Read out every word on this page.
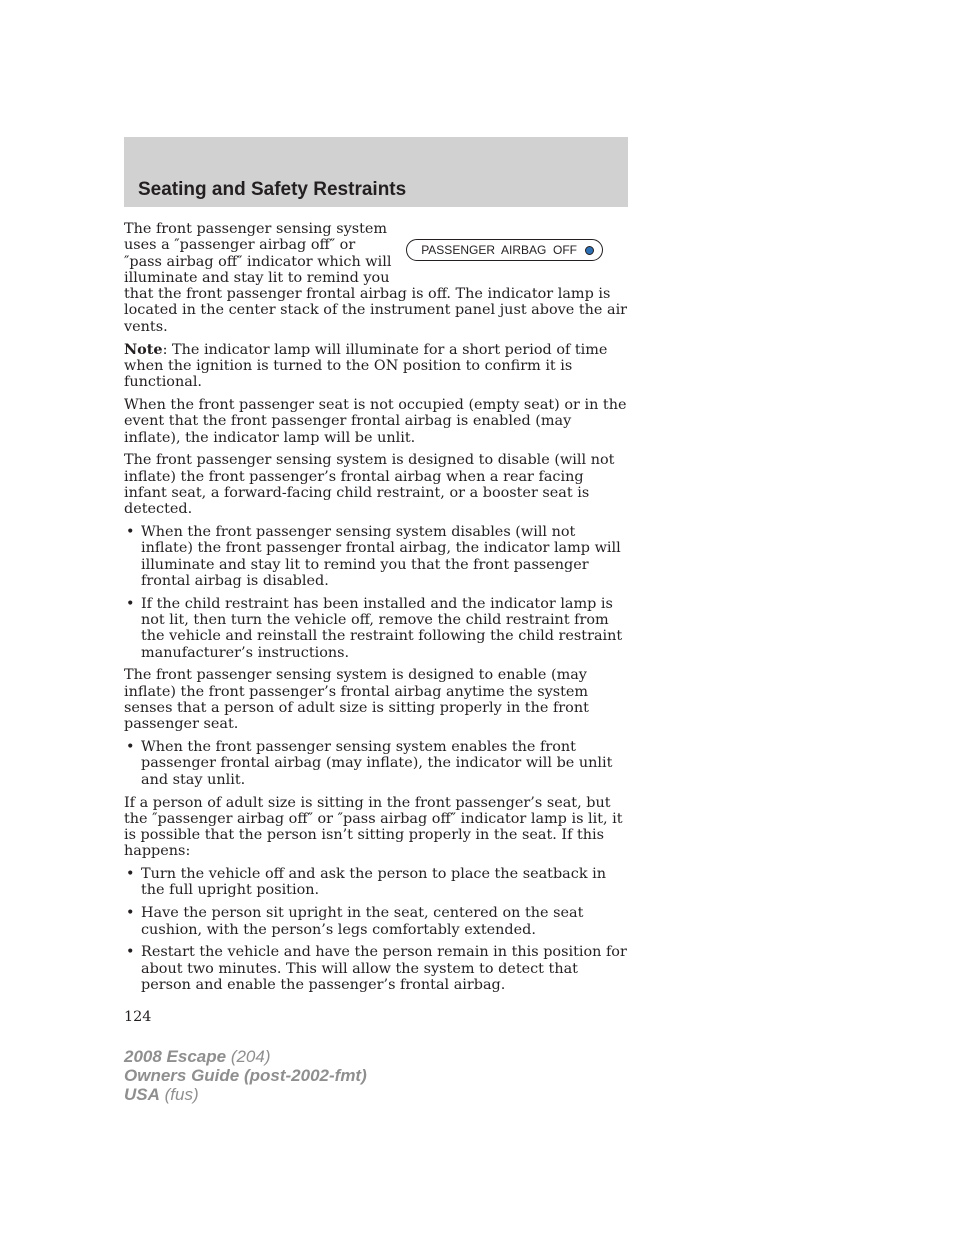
Seating and Safety Restraints
PASSENGER  AIRBAG  OFF

The front passenger sensing system uses a ″passenger airbag off″ or ″pass airbag off″ indicator which will illuminate and stay lit to remind you that the front passenger frontal airbag is off. The indicator lamp is located in the center stack of the instrument panel just above the air vents.

Note: The indicator lamp will illuminate for a short period of time when the ignition is turned to the ON position to confirm it is functional.

When the front passenger seat is not occupied (empty seat) or in the event that the front passenger frontal airbag is enabled (may inflate), the indicator lamp will be unlit.

The front passenger sensing system is designed to disable (will not inflate) the front passenger’s frontal airbag when a rear facing infant seat, a forward-facing child restraint, or a booster seat is detected.

• When the front passenger sensing system disables (will not inflate) the front passenger frontal airbag, the indicator lamp will illuminate and stay lit to remind you that the front passenger frontal airbag is disabled.
• If the child restraint has been installed and the indicator lamp is not lit, then turn the vehicle off, remove the child restraint from the vehicle and reinstall the restraint following the child restraint manufacturer’s instructions.

The front passenger sensing system is designed to enable (may inflate) the front passenger’s frontal airbag anytime the system senses that a person of adult size is sitting properly in the front passenger seat.

• When the front passenger sensing system enables the front passenger frontal airbag (may inflate), the indicator will be unlit and stay unlit.

If a person of adult size is sitting in the front passenger’s seat, but the ″passenger airbag off″ or ″pass airbag off″ indicator lamp is lit, it is possible that the person isn’t sitting properly in the seat. If this happens:

• Turn the vehicle off and ask the person to place the seatback in the full upright position.
• Have the person sit upright in the seat, centered on the seat cushion, with the person’s legs comfortably extended.
• Restart the vehicle and have the person remain in this position for about two minutes. This will allow the system to detect that person and enable the passenger’s frontal airbag.

124

2008 Escape (204)
Owners Guide (post-2002-fmt)
USA (fus)
